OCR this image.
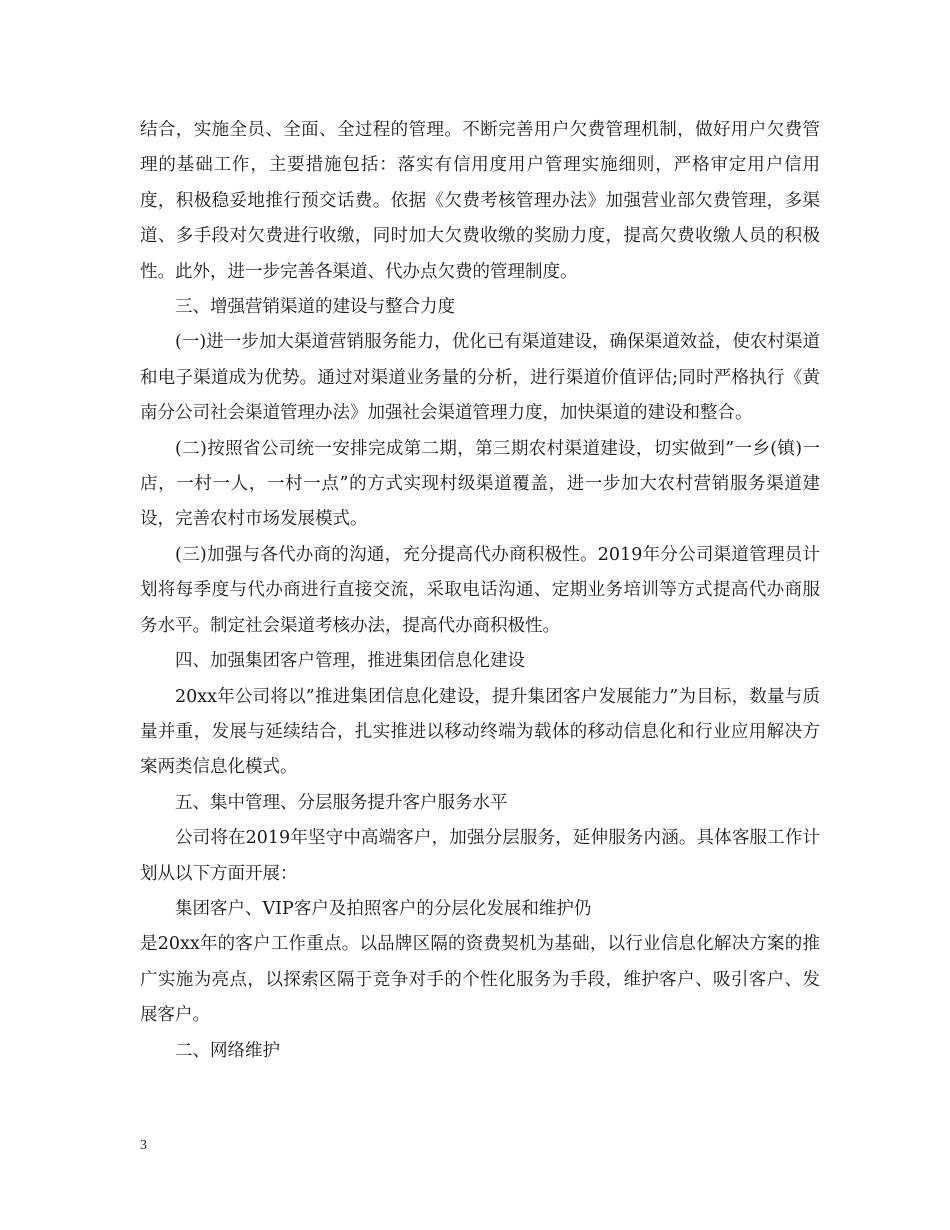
结合，实施全员、全面、全过程的管理。不断完善用户欠费管理机制，做好用户欠费管理的基础工作，主要措施包括：落实有信用度用户管理实施细则，严格审定用户信用度，积极稳妥地推行预交话费。依据《欠费考核管理办法》加强营业部欠费管理，多渠道、多手段对欠费进行收缴，同时加大欠费收缴的奖励力度，提高欠费收缴人员的积极性。此外，进一步完善各渠道、代办点欠费的管理制度。

三、增强营销渠道的建设与整合力度

(一)进一步加大渠道营销服务能力，优化已有渠道建设，确保渠道效益，使农村渠道和电子渠道成为优势。通过对渠道业务量的分析，进行渠道价值评估;同时严格执行《黄南分公司社会渠道管理办法》加强社会渠道管理力度，加快渠道的建设和整合。

(二)按照省公司统一安排完成第二期，第三期农村渠道建设，切实做到”一乡(镇)一店，一村一人，一村一点”的方式实现村级渠道覆盖，进一步加大农村营销服务渠道建设，完善农村市场发展模式。

(三)加强与各代办商的沟通，充分提高代办商积极性。2019年分公司渠道管理员计划将每季度与代办商进行直接交流，采取电话沟通、定期业务培训等方式提高代办商服务水平。制定社会渠道考核办法，提高代办商积极性。

四、加强集团客户管理，推进集团信息化建设

20xx年公司将以”推进集团信息化建设，提升集团客户发展能力”为目标，数量与质量并重，发展与延续结合，扎实推进以移动终端为载体的移动信息化和行业应用解决方案两类信息化模式。

五、集中管理、分层服务提升客户服务水平

公司将在2019年坚守中高端客户，加强分层服务，延伸服务内涵。具体客服工作计划从以下方面开展：

集团客户、VIP客户及拍照客户的分层化发展和维护仍

是20xx年的客户工作重点。以品牌区隔的资费契机为基础，以行业信息化解决方案的推广实施为亮点，以探索区隔于竞争对手的个性化服务为手段，维护客户、吸引客户、发展客户。

二、网络维护

3
